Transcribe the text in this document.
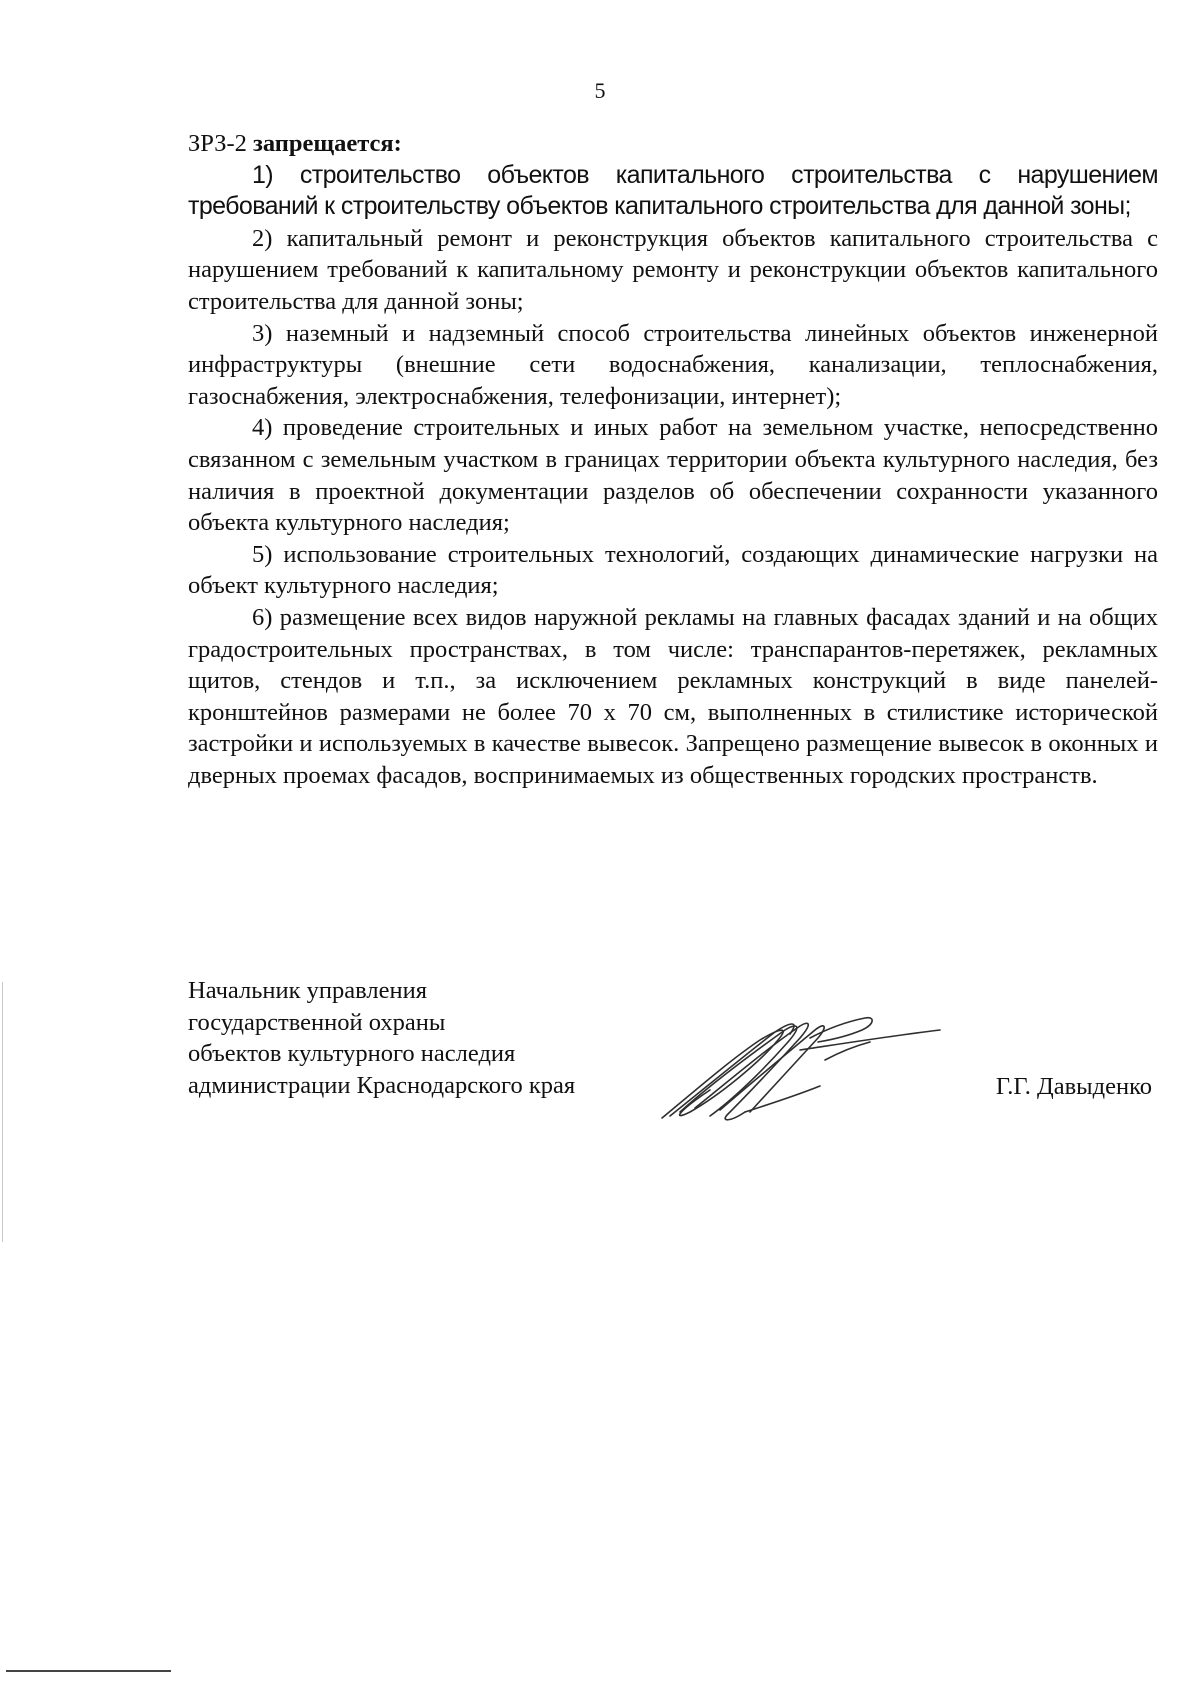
5

ЗРЗ-2 запрещается:

1) строительство объектов капитального строительства с нарушением требований к строительству объектов капитального строительства для данной зоны;

2) капитальный ремонт и реконструкция объектов капитального строительства с нарушением требований к капитальному ремонту и реконструкции объектов капитального строительства для данной зоны;

3) наземный и надземный способ строительства линейных объектов инженерной инфраструктуры (внешние сети водоснабжения, канализации, теплоснабжения, газоснабжения, электроснабжения, телефонизации, интернет);

4) проведение строительных и иных работ на земельном участке, непосредственно связанном с земельным участком в границах территории объекта культурного наследия, без наличия в проектной документации разделов об обеспечении сохранности указанного объекта культурного наследия;

5) использование строительных технологий, создающих динамические нагрузки на объект культурного наследия;

6) размещение всех видов наружной рекламы на главных фасадах зданий и на общих градостроительных пространствах, в том числе: транспарантов-перетяжек, рекламных щитов, стендов и т.п., за исключением рекламных конструкций в виде панелей-кронштейнов размерами не более 70 х 70 см, выполненных в стилистике исторической застройки и используемых в качестве вывесок. Запрещено размещение вывесок в оконных и дверных проемах фасадов, воспринимаемых из общественных городских пространств.

Начальник управления
государственной охраны
объектов культурного наследия
администрации Краснодарского края	Г.Г. Давыденко
